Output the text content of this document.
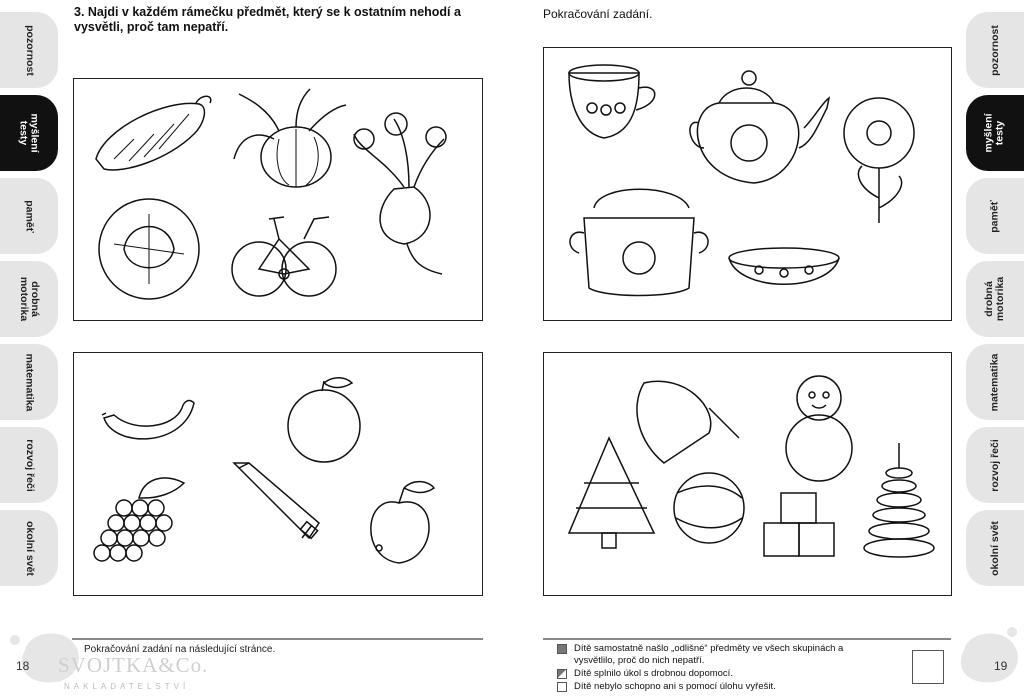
pozornost
myšlení
testy
paměť
drobná
motorika
matematika
rozvoj řeči
okolní svět
pozornost
myšlení
testy
paměť
drobná
motorika
matematika
rozvoj řeči
okolní svět
3. Najdi v každém rámečku předmět, který se k ostatním nehodí a vysvětli, proč tam nepatří.
Pokračování zadání.
Pokračování zadání na následující stránce.	Dítě samostatně našlo „odlišné“ předměty ve všech skupinách a vysvětlilo, proč do nich nepatří.
Dítě splnilo úkol s drobnou dopomocí.
Dítě nebylo schopno ani s pomocí úlohu vyřešit.
18	19
SVOJTKA&Co.
NAKLADATELSTVÍ
